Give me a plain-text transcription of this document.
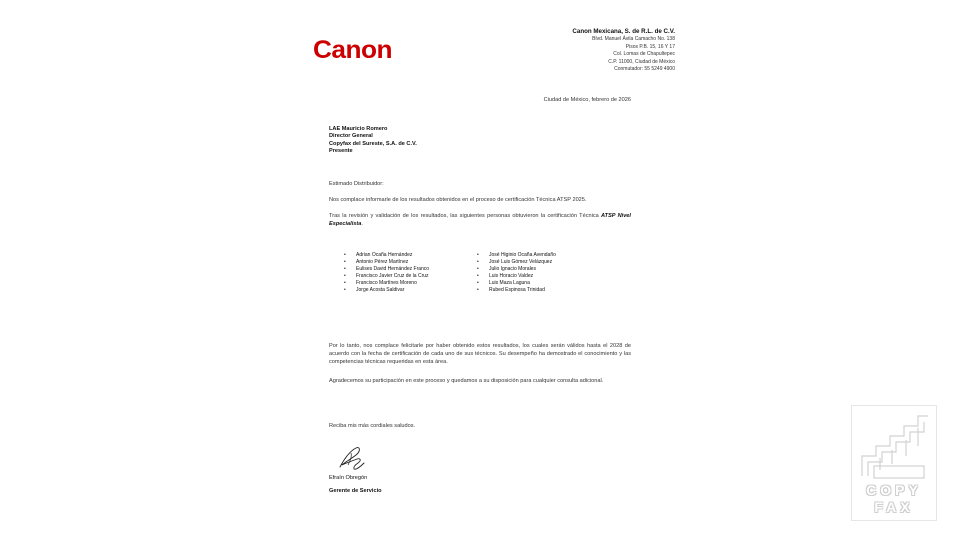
Canon
Canon Mexicana, S. de R.L. de C.V.
Blvd. Manuel Ávila Camacho No. 138
Pisos P.B. 15, 16 Y 17
Col. Lomas de Chapultepec
C.P. 11000, Ciudad de México
Conmutador: 55 5249 4900
Ciudad de México, febrero de 2026
LAE Mauricio Romero
Director General
Copyfax del Sureste, S.A. de C.V.
Presente
Estimado Distribuidor:
Nos complace informarle de los resultados obtenidos en el proceso de certificación Técnica ATSP 2025.
Tras la revisión y validación de los resultados, las siguientes personas obtuvieron la certificación Técnica ATSP Nivel Especialista.
• Adrian Ocaña Hernández
• Antonio Pérez Martínez
• Eulises David Hernández Franco
• Francisco Javier Cruz de la Cruz
• Francisco Martínes Moreno
• Jorge Acosta Saldivar
• José Higinio Ocaña Avendaño
• José Luis Gómez Velázquez
• Julio Ignacio Morales
• Luis Horacio Valdez
• Luis Maza Laguna
• Rubed Espinosa Trinidad
Por lo tanto, nos complace felicitarle por haber obtenido estos resultados, los cuales serán válidos hasta el 2028 de acuerdo con la fecha de certificación de cada uno de sus técnicos. Su desempeño ha demostrado el conocimiento y las competencias técnicas requeridas en esta área.
Agradecemos su participación en este proceso y quedamos a su disposición para cualquier consulta adicional.
Reciba mis más cordiales saludos.
Efraín Obregón
Gerente de Servicio	COPY
FAX
